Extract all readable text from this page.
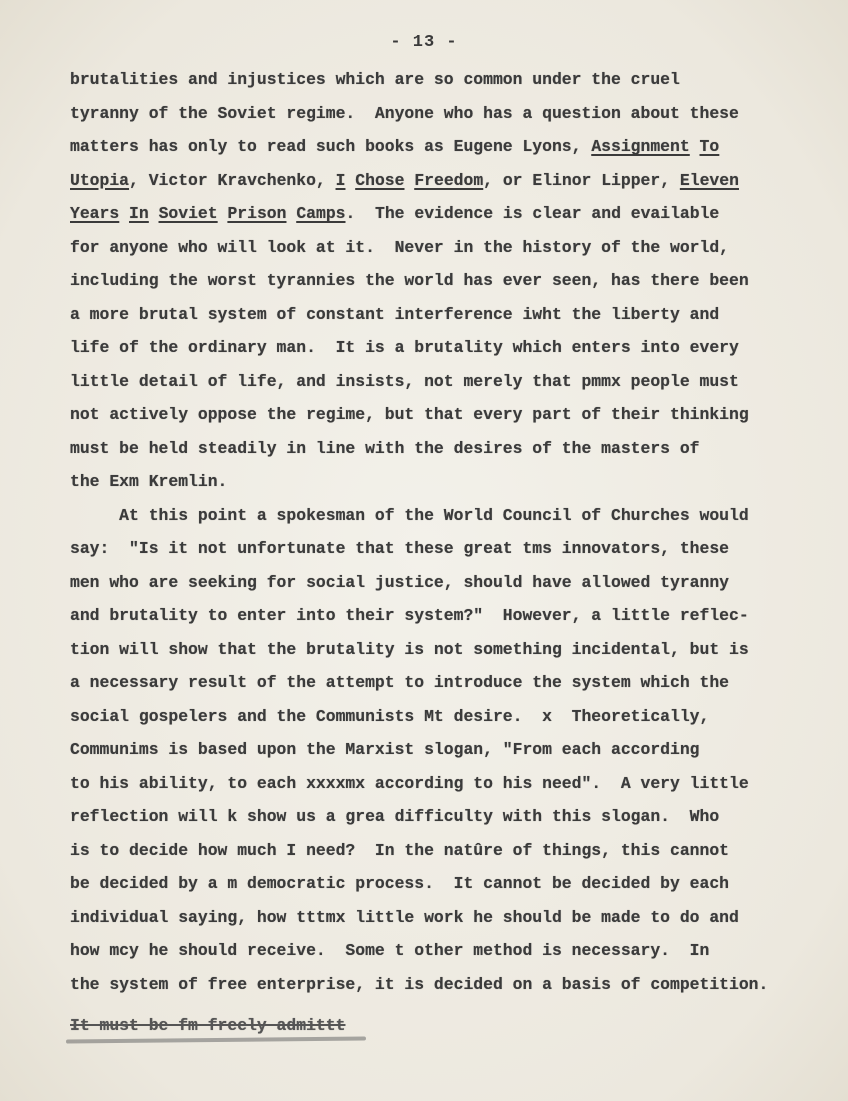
- 13 -
brutalities and injustices which are so common under the cruel
tyranny of the Soviet regime.  Anyone who has a question about these
matters has only to read such books as Eugene Lyons, Assignment To
Utopia, Victor Kravchenko, I Chose Freedom, or Elinor Lipper, Eleven
Years In Soviet Prison Camps.  The evidence is clear and evailable
for anyone who will look at it.  Never in the history of the world,
including the worst tyrannies the world has ever seen, has there been
a more brutal system of constant interference iwht the liberty and
life of the ordinary man.  It is a brutality which enters into every
little detail of life, and insists, not merely that pmmx people must
not actively oppose the regime, but that every part of their thinking
must be held steadily in line with the desires of the masters of
the Exm Kremlin.
At this point a spokesman of the World Council of Churches would
say:  "Is it not unfortunate that these great tms innovators, these
men who are seeking for social justice, should have allowed tyranny
and brutality to enter into their system?"  However, a little reflec-
tion will show that the brutality is not something incidental, but is
a necessary result of the attempt to introduce the system which the
social gospelers and the Communists Mt desire.  x  Theoretically,
Communims is based upon the Marxist slogan, "From each according
to his ability, to each xxxxmx according to his need".  A very little
reflection will k show us a grea difficulty with this slogan.  Who
is to decide how much I need?  In the natûre of things, this cannot
be decided by a m democratic process.  It cannot be decided by each
individual saying, how tttmx little work he should be made to do and
how mcy he should receive.  Some t other method is necessary.  In
the system of free enterprise, it is decided on a basis of competition.
It must be fm freely admittt
